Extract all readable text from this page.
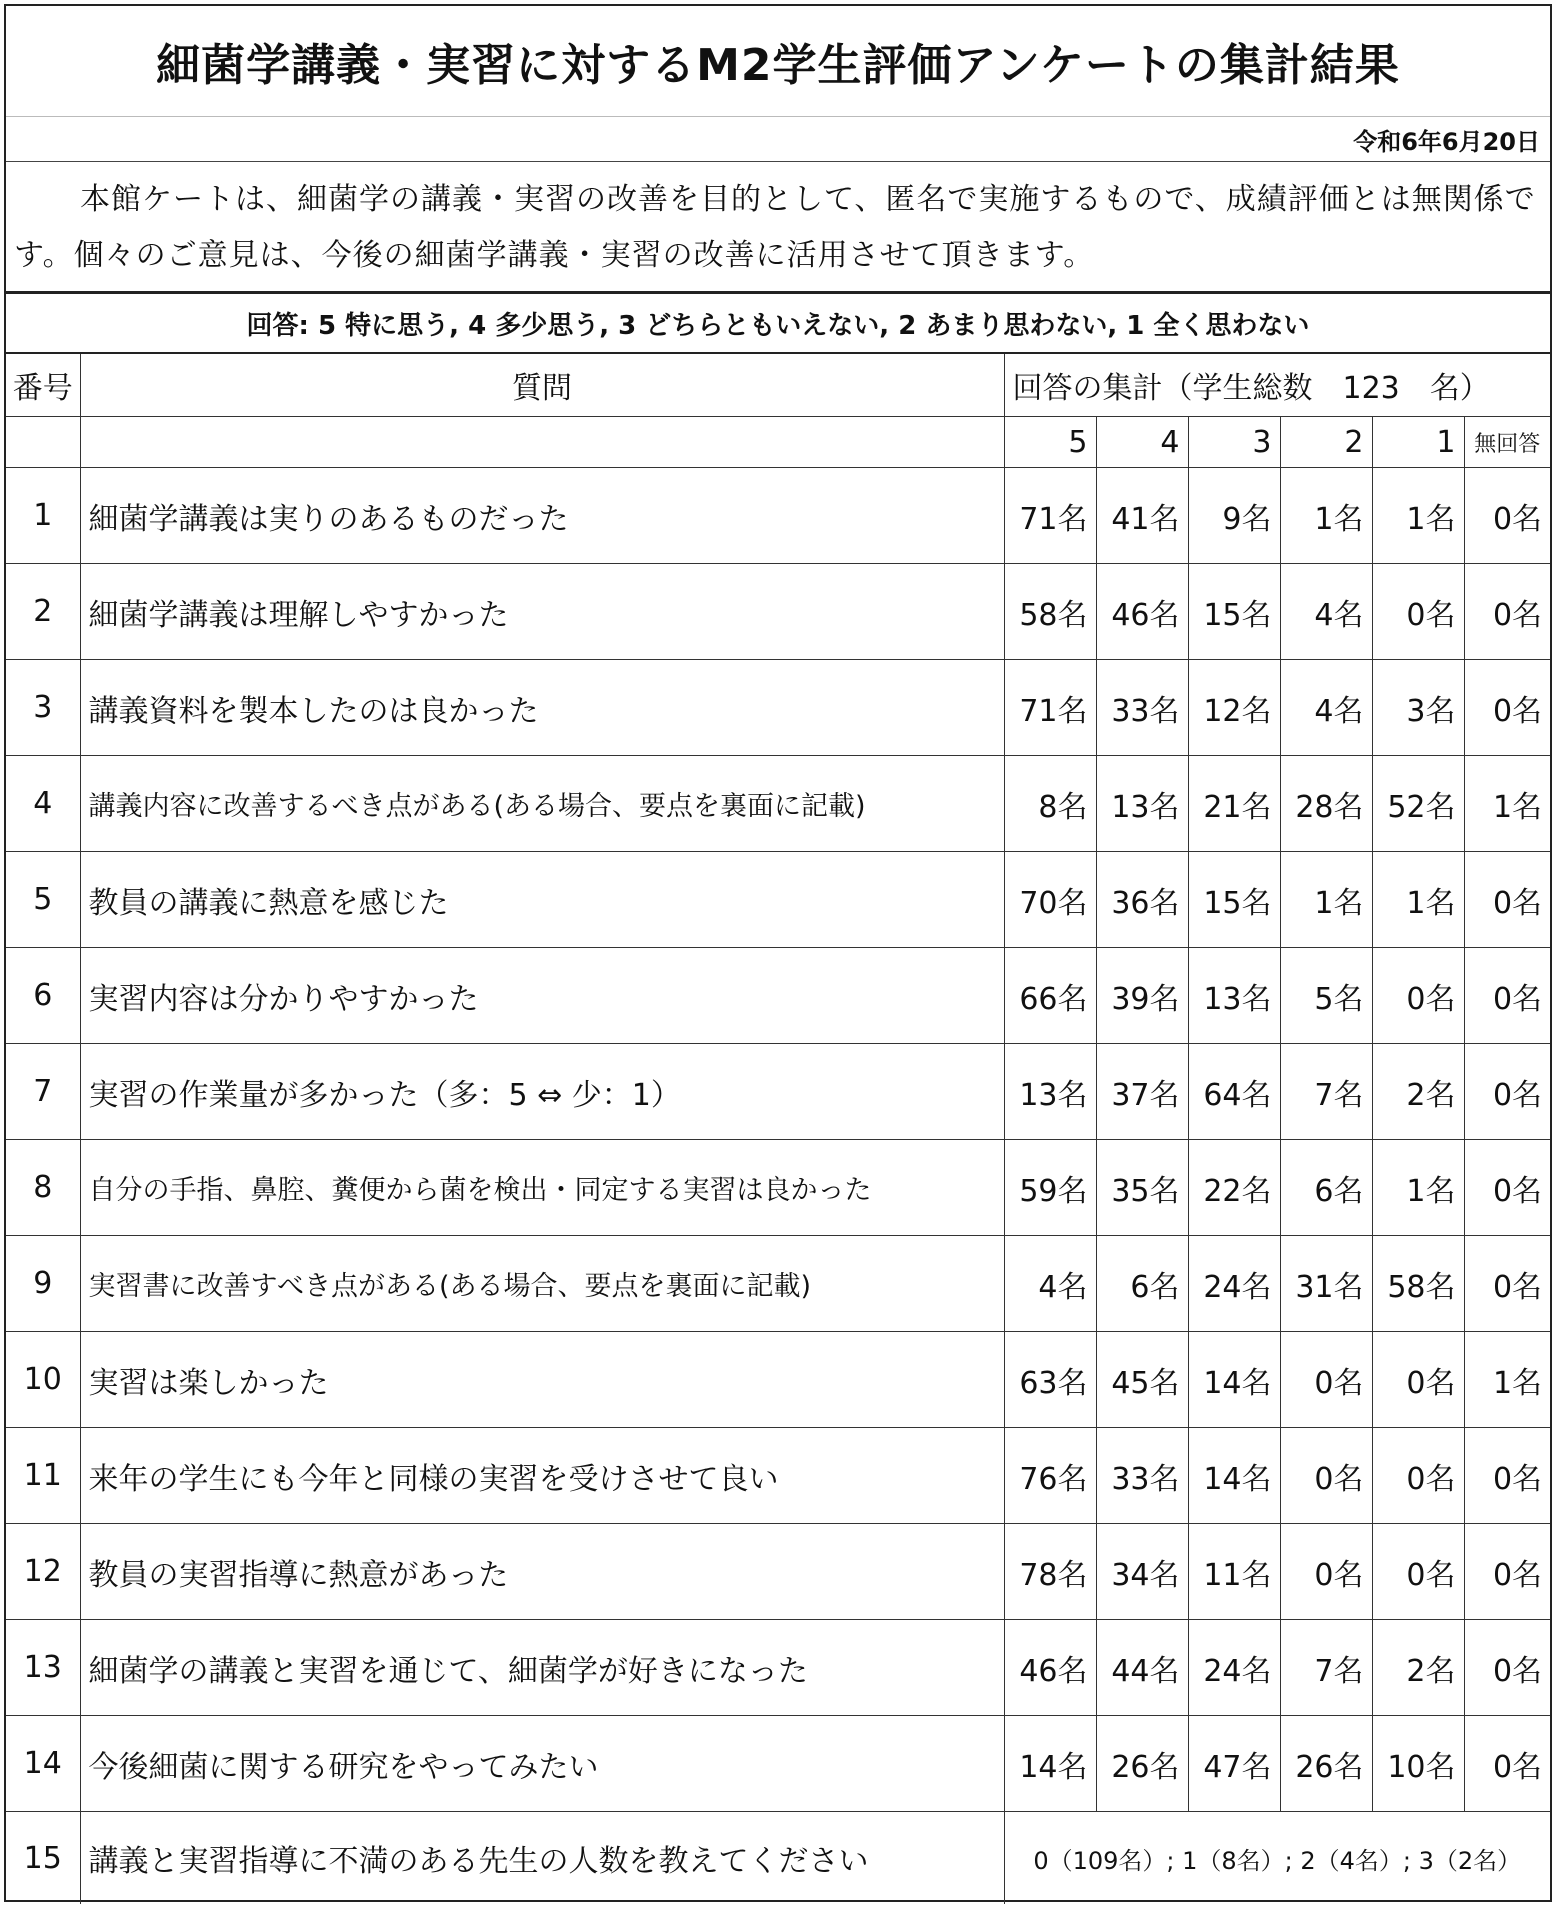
細菌学講義・実習に対するM2学生評価アンケートの集計結果
令和6年6月20日
本館ケートは、細菌学の講義・実習の改善を目的として、匿名で実施するもので、成績評価とは無関係です。個々のご意見は、今後の細菌学講義・実習の改善に活用させて頂きます。
回答: 5 特に思う, 4 多少思う, 3 どちらともいえない, 2 あまり思わない, 1 全く思わない
番号	質問	回答の集計（学生総数　123　名）					
		5	4	3	2	1	無回答
1	細菌学講義は実りのあるものだった	71名	41名	9名	1名	1名	0名
2	細菌学講義は理解しやすかった	58名	46名	15名	4名	0名	0名
3	講義資料を製本したのは良かった	71名	33名	12名	4名	3名	0名
4	講義内容に改善するべき点がある(ある場合、要点を裏面に記載)	8名	13名	21名	28名	52名	1名
5	教員の講義に熱意を感じた	70名	36名	15名	1名	1名	0名
6	実習内容は分かりやすかった	66名	39名	13名	5名	0名	0名
7	実習の作業量が多かった（多：5 ⇔ 少：1）	13名	37名	64名	7名	2名	0名
8	自分の手指、鼻腔、糞便から菌を検出・同定する実習は良かった	59名	35名	22名	6名	1名	0名
9	実習書に改善すべき点がある(ある場合、要点を裏面に記載)	4名	6名	24名	31名	58名	0名
10	実習は楽しかった	63名	45名	14名	0名	0名	1名
11	来年の学生にも今年と同様の実習を受けさせて良い	76名	33名	14名	0名	0名	0名
12	教員の実習指導に熱意があった	78名	34名	11名	0名	0名	0名
13	細菌学の講義と実習を通じて、細菌学が好きになった	46名	44名	24名	7名	2名	0名
14	今後細菌に関する研究をやってみたい	14名	26名	47名	26名	10名	0名
15	講義と実習指導に不満のある先生の人数を教えてください	0（109名）; 1（8名）; 2（4名）; 3（2名）					
